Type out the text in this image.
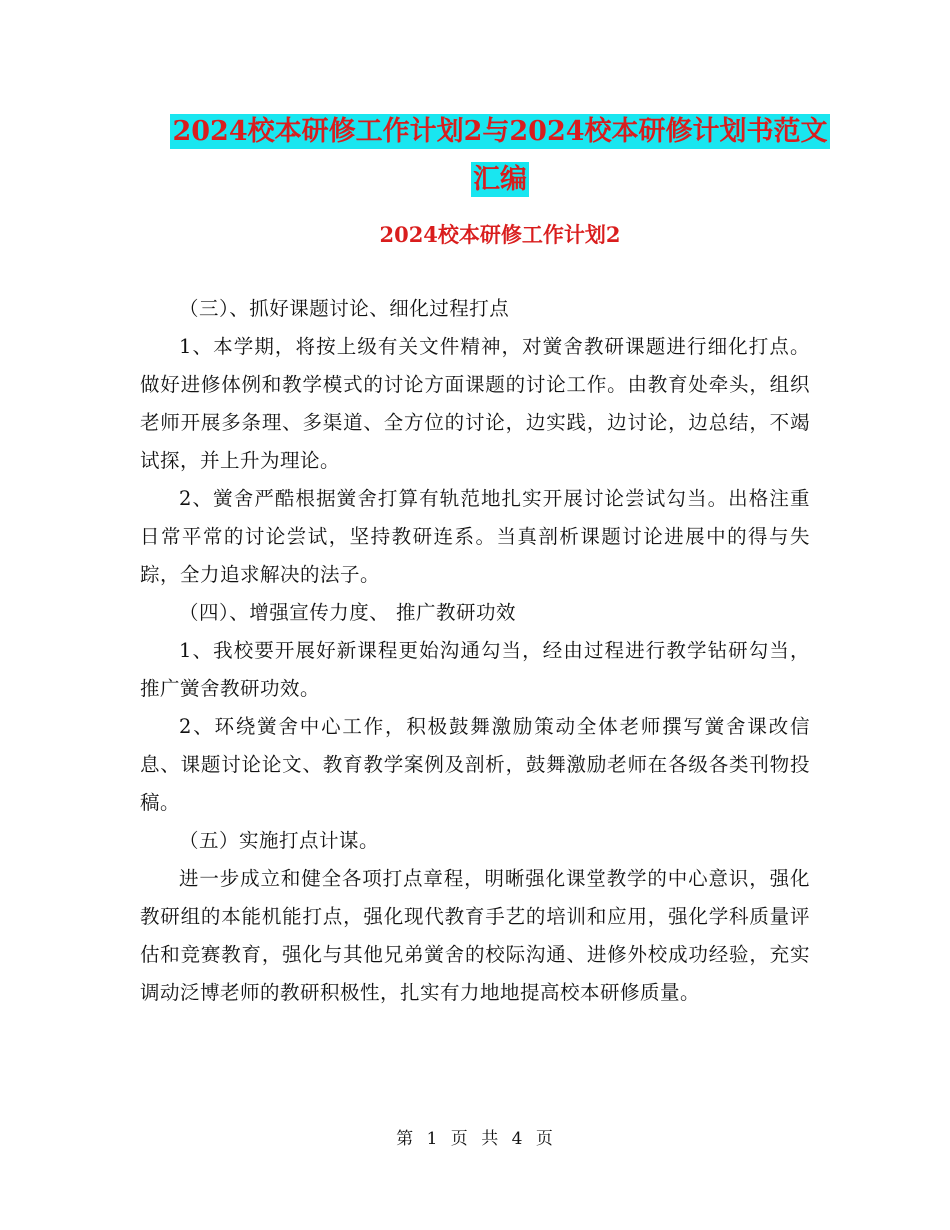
2024校本研修工作计划2与2024校本研修计划书范文
汇编
2024校本研修工作计划2

（三）、抓好课题讨论、细化过程打点

1、本学期，将按上级有关文件精神，对黉舍教研课题进行细化打点。做好进修体例和教学模式的讨论方面课题的讨论工作。由教育处牵头，组织老师开展多条理、多渠道、全方位的讨论，边实践，边讨论，边总结，不竭试探，并上升为理论。

2、黉舍严酷根据黉舍打算有轨范地扎实开展讨论尝试勾当。出格注重日常平常的讨论尝试，坚持教研连系。当真剖析课题讨论进展中的得与失踪，全力追求解决的法子。

（四）、增强宣传力度、 推广教研功效

1、我校要开展好新课程更始沟通勾当，经由过程进行教学钻研勾当，推广黉舍教研功效。

2、环绕黉舍中心工作，积极鼓舞激励策动全体老师撰写黉舍课改信息、课题讨论论文、教育教学案例及剖析，鼓舞激励老师在各级各类刊物投稿。

（五）实施打点计谋。

进一步成立和健全各项打点章程，明晰强化课堂教学的中心意识，强化教研组的本能机能打点，强化现代教育手艺的培训和应用，强化学科质量评估和竞赛教育，强化与其他兄弟黉舍的校际沟通、进修外校成功经验，充实调动泛博老师的教研积极性，扎实有力地地提高校本研修质量。

第 1 页 共 4 页
